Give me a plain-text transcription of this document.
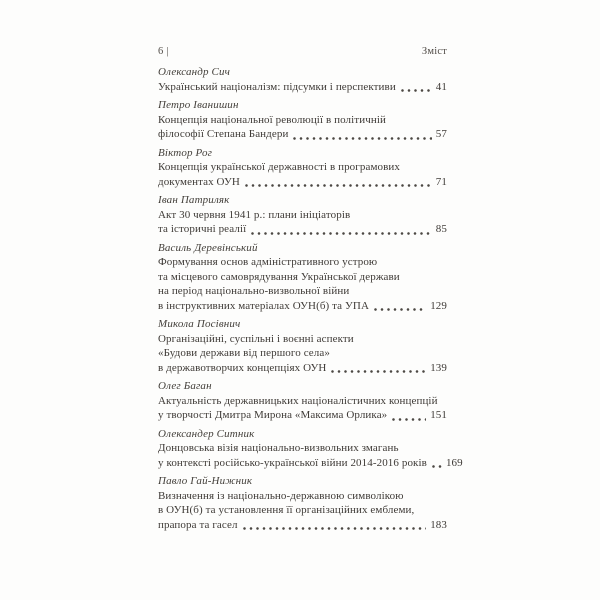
6 |	Зміст
Олександр Сич
Український націоналізм: підсумки і перспективи	41
Петро Іванишин
Концепція національної революції в політичній
філософії Степана Бандери	57
Віктор Рог
Концепція української державності в програмових
документах ОУН	71
Іван Патриляк
Акт 30 червня 1941 р.: плани ініціаторів
та історичні реалії	85
Василь Деревінський
Формування основ адміністративного устрою
та місцевого самоврядування Української держави
на період національно-визвольної війни
в інструктивних матеріалах ОУН(б) та УПА	129
Микола Посівнич
Організаційні, суспільні і воєнні аспекти
«Будови держави від першого села»
в державотворчих концепціях ОУН	139
Олег Баган
Актуальність державницьких націоналістичних концепцій
у творчості Дмитра Мирона «Максима Орлика»	151
Олександер Ситник
Донцовська візія національно-визвольних змагань
у контексті російсько-української війни 2014-2016 років 169
Павло Гай-Нижник
Визначення із національно-державною символікою
в ОУН(б) та установлення її організаційних емблеми,
прапора та гасел	183
